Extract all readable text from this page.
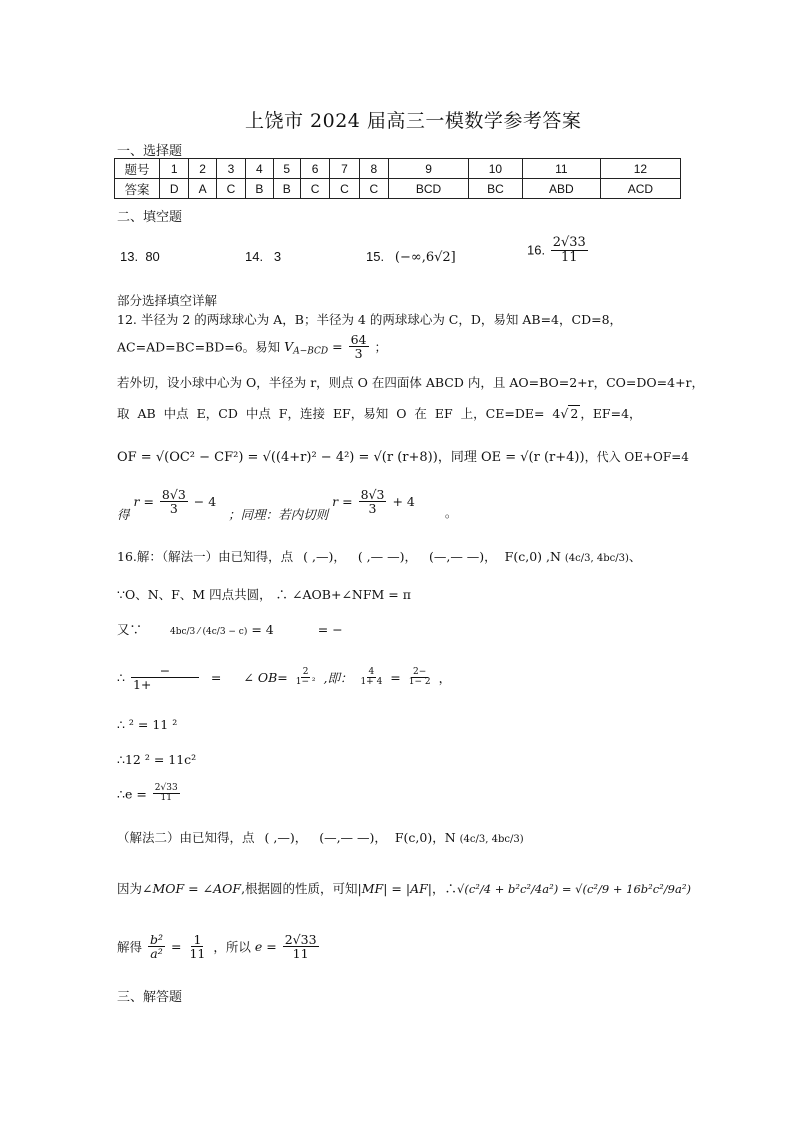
上饶市 2024 届高三一模数学参考答案
一、选择题
题号	1	2	3	4	5	6	7	8	9	10	11	12
答案	D	A	C	B	B	C	C	C	BCD	BC	ABD	ACD
二、填空题
13. 80	14. 3	15. (−∞,6√2]	16. $\frac{2√33}{11}$
部分选择填空详解
12. 半径为 2 的两球球心为 A，B；半径为 4 的两球球心为 C，D，易知 AB=4，CD=8，
AC=AD=BC=BD=6。易知 $V_{A-BCD} = \frac{64}{3}$ ；
若外切，设小球中心为 O，半径为 r，则点 O 在四面体 ABCD 内，且 AO=BO=2+r，CO=DO=4+r，
取 AB 中点 E，CD 中点 F，连接 EF，易知 O 在 EF 上，CE=DE= 4√ 2 ，EF=4，
OF = √(OC² − CF²) = √((4+r)² − 4²) = √(r (r+8))，同理 OE = √(r (r+4))，代入 OE+OF=4
得 $r = \frac{8√3}{3} - 4$ ；同理：若内切则 $r = \frac{8√3}{3} + 4$ 。
16.解：（解法一）由已知得，点 ( ,—)， ( ,— —)， (—,— —)， F(c,0) ,N (4c/3, 4bc/3)、
∵O、N、F、M 四点共圆， ∴ ∠AOB+∠NFM = π
又∵	4bc/3 ⁄ (4c/3 − c) = 4	= −
∴ $\frac{-}{1+}$ = ∠ $OB= \frac{2}{\text{1− ²}}$ ,即： $\frac{4}{1+ 4} = \frac{2-}{1- 2}$ ，
∴ ² = 11 ²
∴12 ² = 11c²
∴e = $\frac{2√33}{11}$
（解法二）由已知得，点 ( ,—)， (—,— —)， F(c,0)，N (4c/3, 4bc/3)
因为∠MOF = ∠AOF,根据圆的性质，可知|MF| = |AF|，∴√(c²/4 + b²c²/4a²) = √(c²/9 + 16b²c²/9a²)
解得 $\frac{\text{b²}}{\text{a²}} = \frac{1}{11}$ ，所以 $e = \frac{2√33}{11}$
三、解答题
